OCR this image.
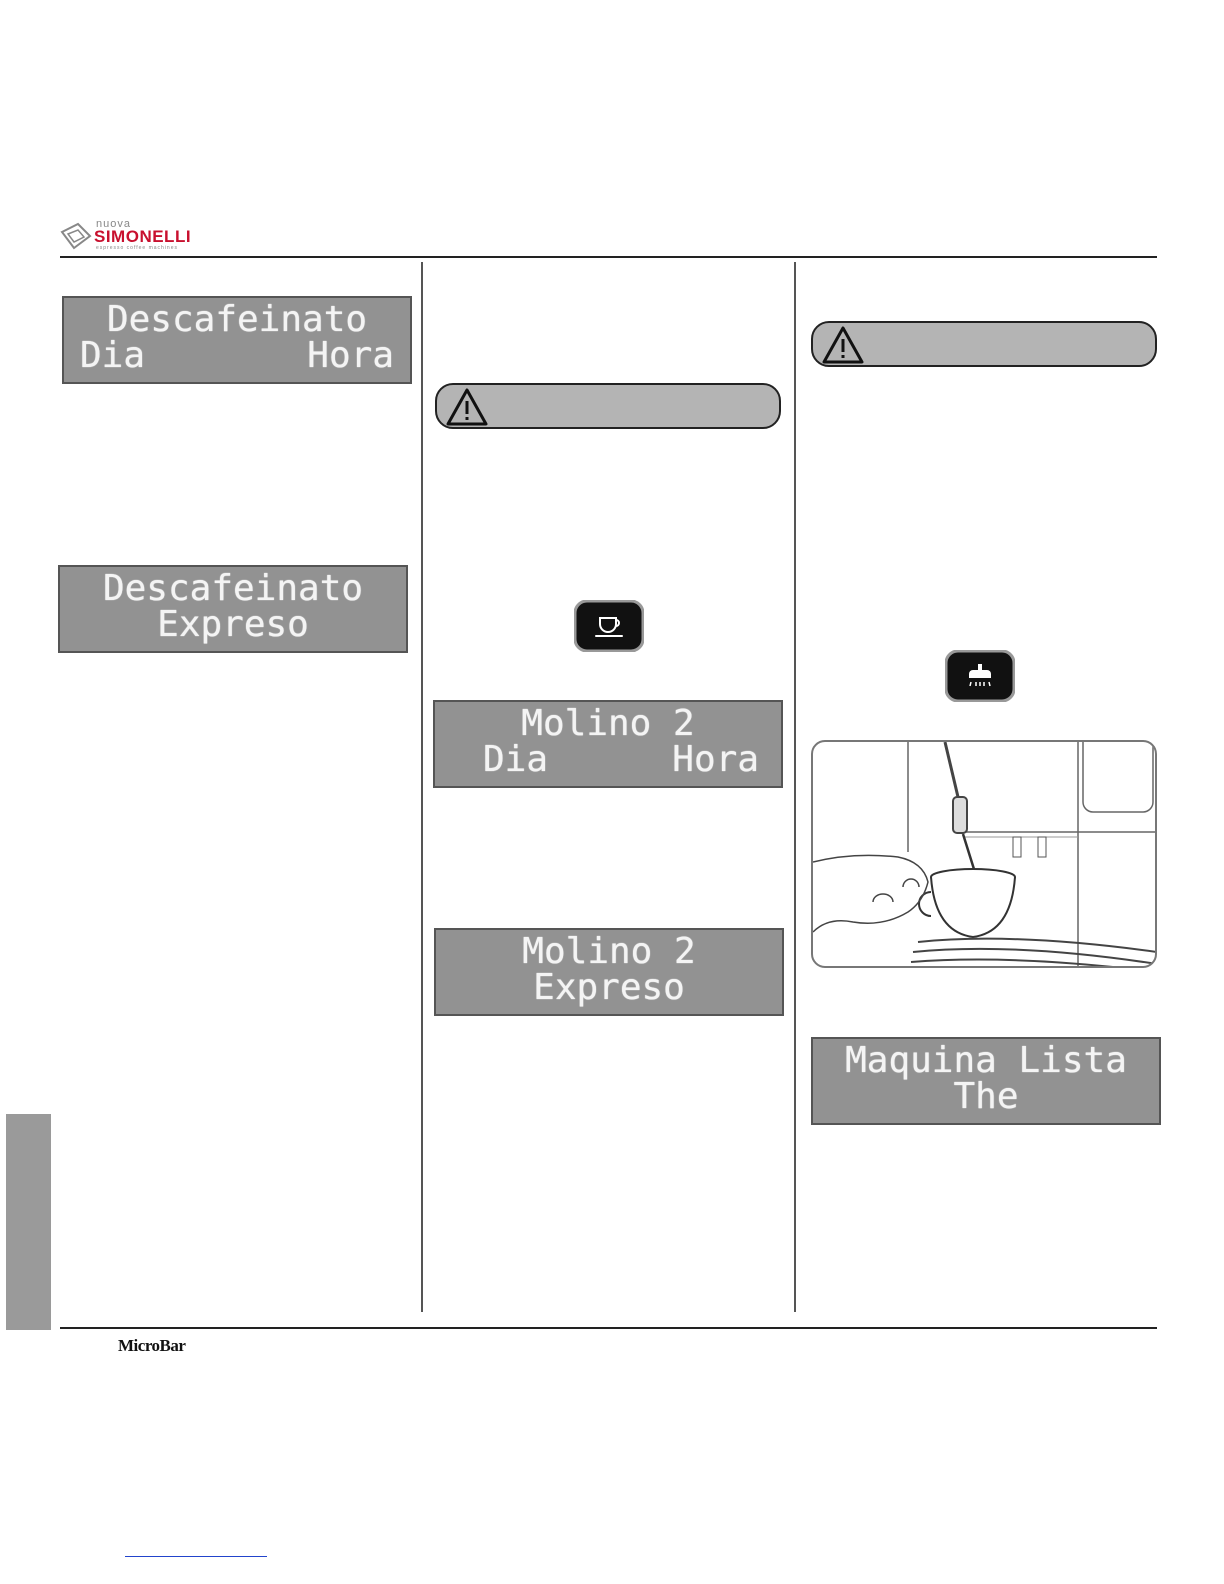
nuova
SIMONELLI
espresso coffee machines
Descafeinato
Dia	Hora
Descafeinato
Expreso
Molino 2
Dia	Hora
Molino 2
Expreso
Maquina Lista
The
MicroBar
